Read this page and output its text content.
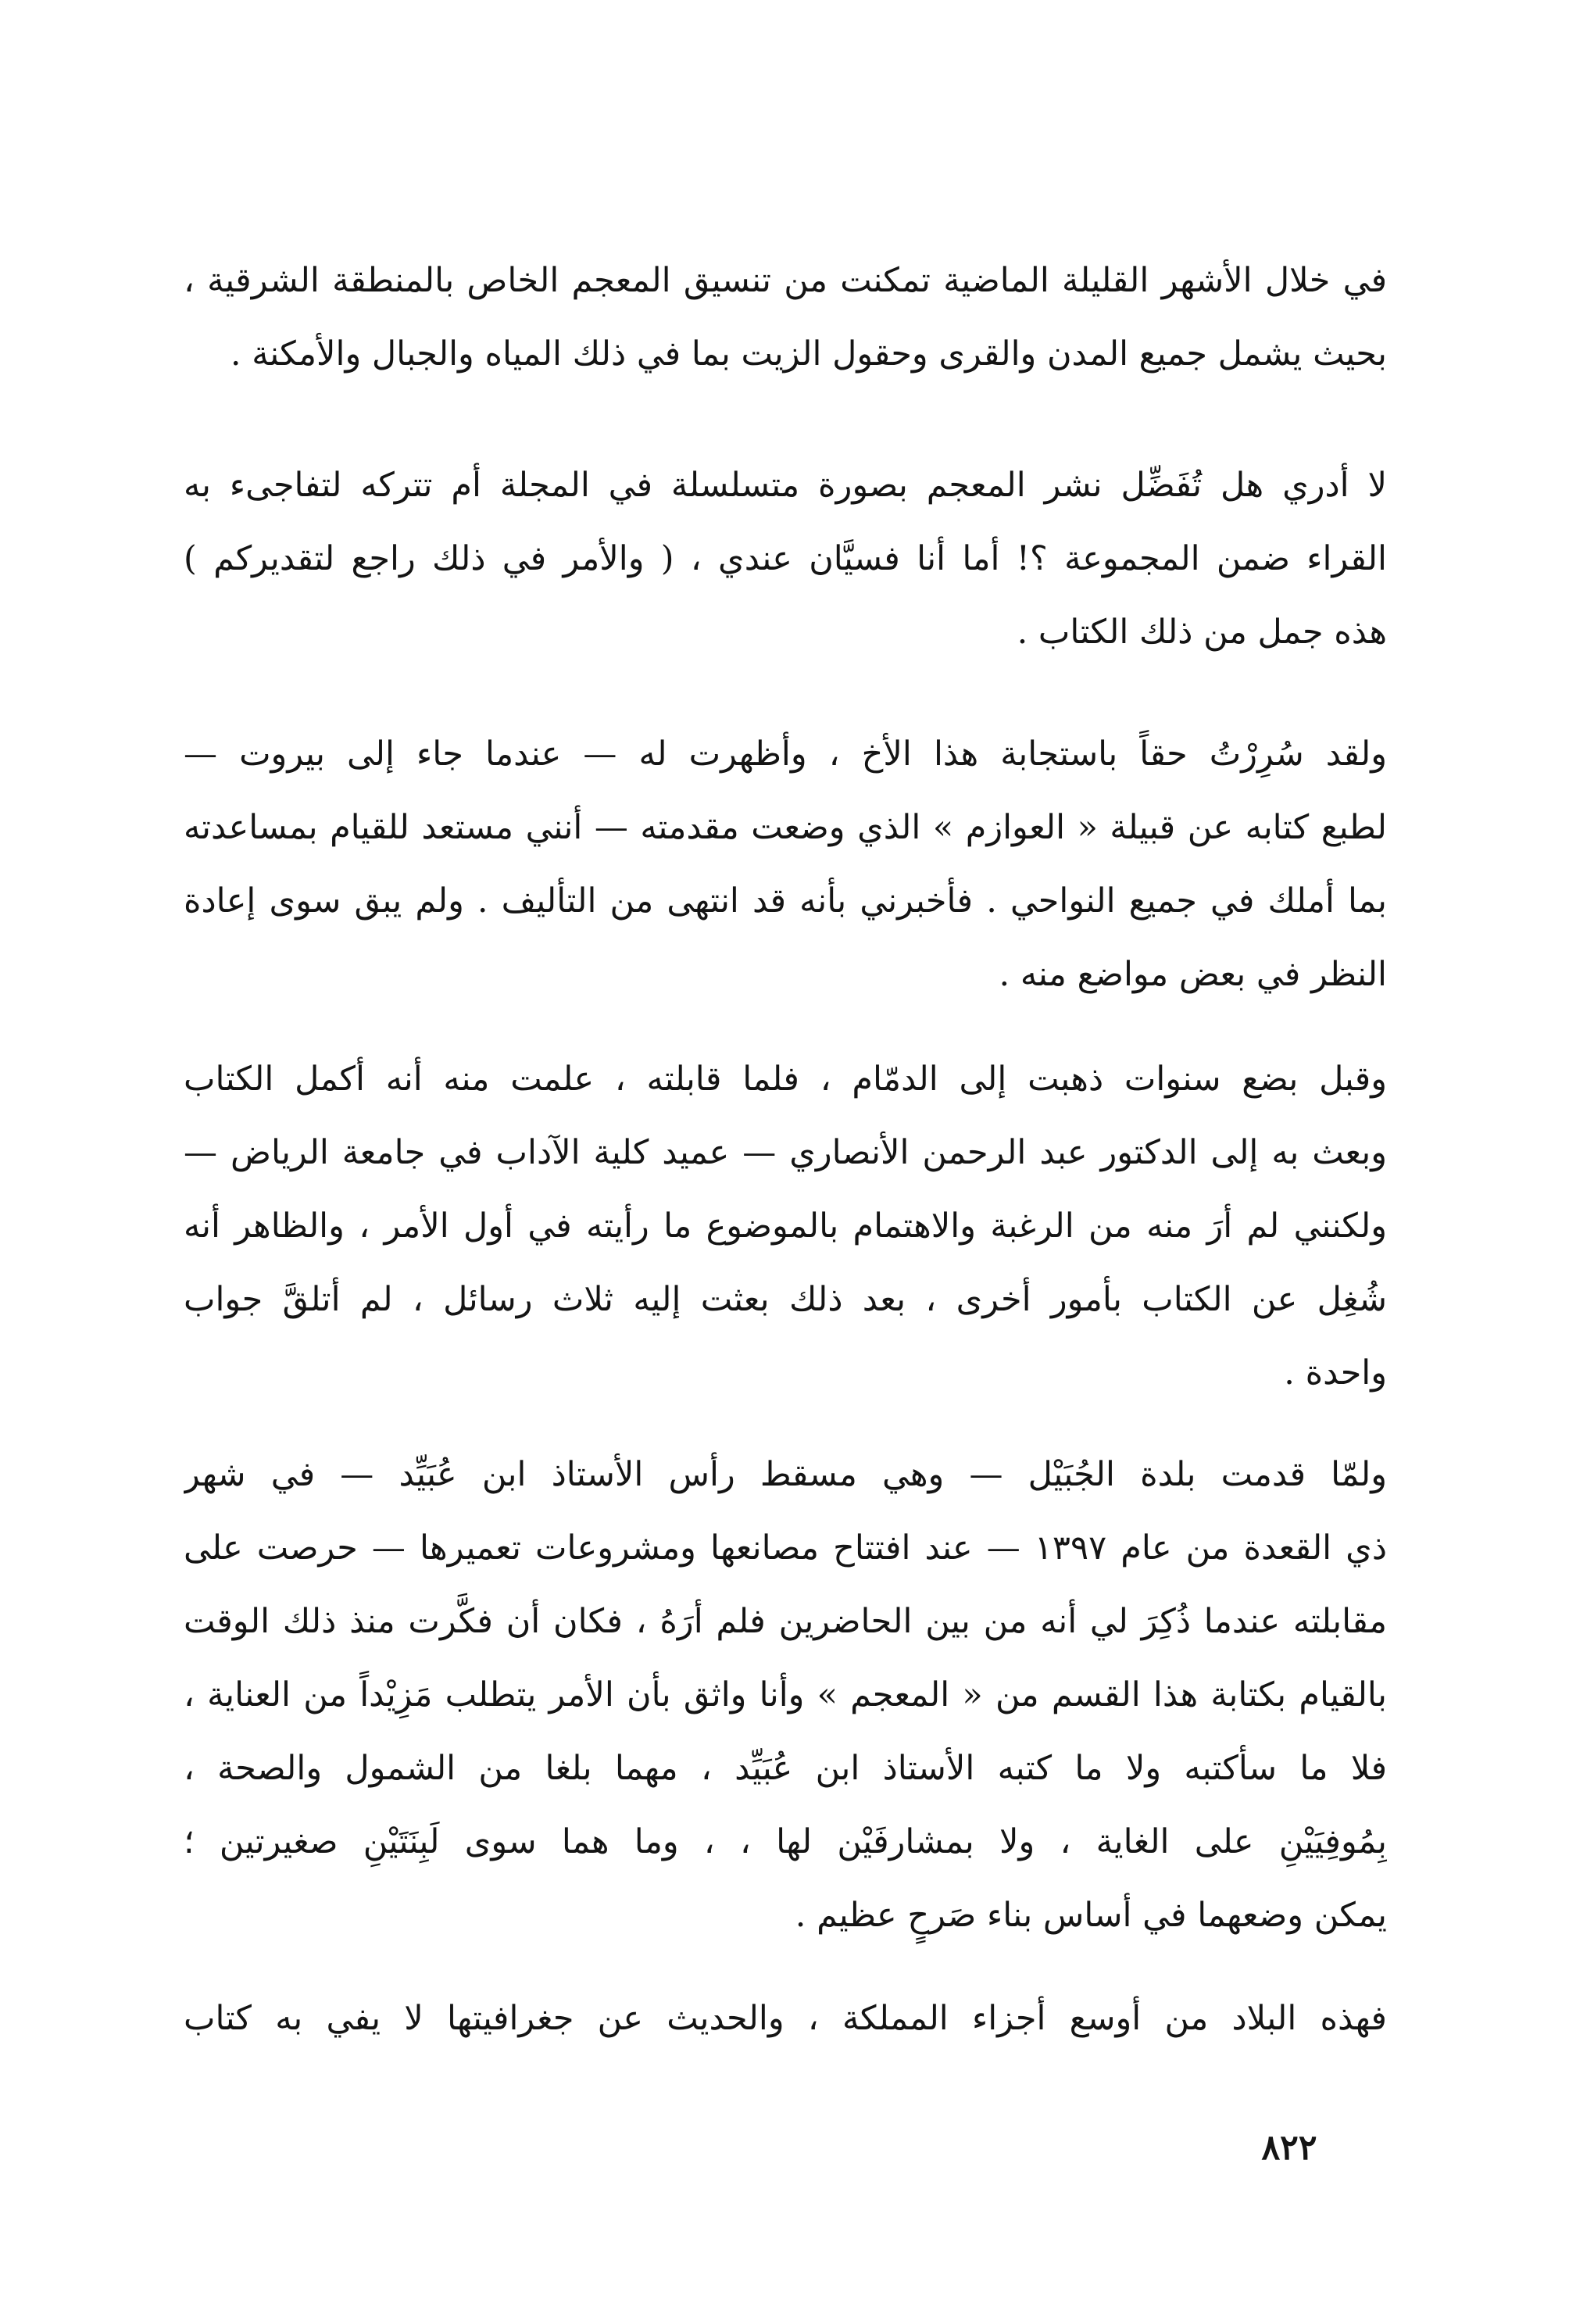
في خلال الأشهر القليلة الماضية تمكنت من تنسيق المعجم الخاص بالمنطقة الشرقية ،
بحيث يشمل جميع المدن والقرى وحقول الزيت بما في ذلك المياه والجبال والأمكنة .
لا أدري هل تُفَضِّل نشر المعجم بصورة متسلسلة في المجلة أم تتركه لتفاجىء به
القراء ضمن المجموعة ؟! أما أنا فسيَّان عندي ، ( والأمر في ذلك راجع لتقديركم )
هذه جمل من ذلك الكتاب .
ولقد سُرِرْتُ حقاً باستجابة هذا الأخ ، وأظهرت له — عندما جاء إلى بيروت —
لطبع كتابه عن قبيلة « العوازم » الذي وضعت مقدمته — أنني مستعد للقيام بمساعدته
بما أملك في جميع النواحي . فأخبرني بأنه قد انتهى من التأليف . ولم يبق سوى إعادة
النظر في بعض مواضع منه .
وقبل بضع سنوات ذهبت إلى الدمّام ، فلما قابلته ، علمت منه أنه أكمل الكتاب
وبعث به إلى الدكتور عبد الرحمن الأنصاري — عميد كلية الآداب في جامعة الرياض —
ولكنني لم أرَ منه من الرغبة والاهتمام بالموضوع ما رأيته في أول الأمر ، والظاهر أنه
شُغِل عن الكتاب بأمور أخرى ، بعد ذلك بعثت إليه ثلاث رسائل ، لم أتلقَّ جواب
واحدة .
ولمّا قدمت بلدة الجُبَيْل — وهي مسقط رأس الأستاذ ابن عُبَيِّد — في شهر
ذي القعدة من عام ١٣٩٧ — عند افتتاح مصانعها ومشروعات تعميرها — حرصت على
مقابلته عندما ذُكِرَ لي أنه من بين الحاضرين فلم أرَهُ ، فكان أن فكَّرت منذ ذلك الوقت
بالقيام بكتابة هذا القسم من « المعجم » وأنا واثق بأن الأمر يتطلب مَزِيْداً من العناية ،
فلا ما سأكتبه ولا ما كتبه الأستاذ ابن عُبَيِّد ، مهما بلغا من الشمول والصحة ،
بِمُوفِيَيْنِ على الغاية ، ولا بمشارفَيْن لها ، ، وما هما سوى لَبِنَتَيْنِ صغيرتين ؛
يمكن وضعهما في أساس بناء صَرحٍ عظيم .
فهذه البلاد من أوسع أجزاء المملكة ، والحديث عن جغرافيتها لا يفي به كتاب
٨٢٢
